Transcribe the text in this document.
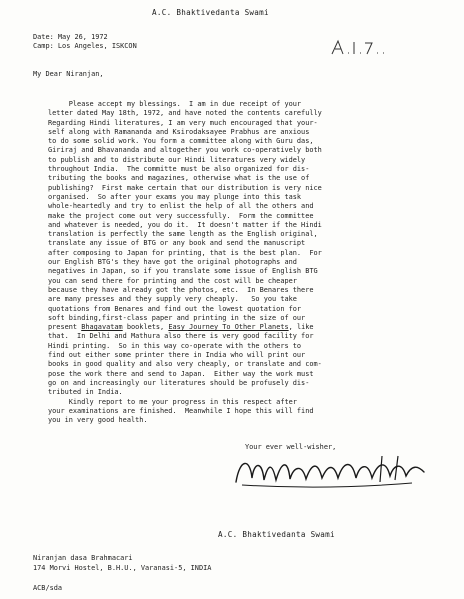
A.C. Bhaktivedanta Swami
Date: May 26, 1972
Camp: Los Angeles, ISKCON
My Dear Niranjan,
Please accept my blessings.  I am in due receipt of your
letter dated May 18th, 1972, and have noted the contents carefully
Regarding Hindi literatures, I am very much encouraged that your-
self along with Ramananda and Ksirodaksayee Prabhus are anxious
to do some solid work. You form a committee along with Guru das,
Giriraj and Bhavananda and altogether you work co-operatively both
to publish and to distribute our Hindi literatures very widely
throughout India.  The committe must be also organized for dis-
tributing the books and magazines, otherwise what is the use of
publishing?  First make certain that our distribution is very nice
organised.  So after your exams you may plunge into this task
whole-heartedly and try to enlist the help of all the others and
make the project come out very successfully.  Form the committee
and whatever is needed, you do it.  It doesn't matter if the Hindi
translation is perfectly the same length as the English original,
translate any issue of BTG or any book and send the manuscript
after composing to Japan for printing, that is the best plan.  For
our English BTG's they have got the original photographs and
negatives in Japan, so if you translate some issue of English BTG
you can send there for printing and the cost will be cheaper
because they have already got the photos, etc.  In Benares there
are many presses and they supply very cheaply.   So you take
quotations from Benares and find out the lowest quotation for
soft binding,first-class paper and printing in the size of our
present Bhagavatam booklets, Easy Journey To Other Planets, like
that.  In Delhi and Mathura also there is very good facility for
Hindi printing.  So in this way co-operate with the others to
find out either some printer there in India who will print our
books in good quality and also very cheaply, or translate and com-
pose the work there and send to Japan.  Either way the work must
go on and increasingly our literatures should be profusely dis-
tributed in India.
Kindly report to me your progress in this respect after
your examinations are finished.  Meanwhile I hope this will find
you in very good health.
Your ever well-wisher,
A.C. Bhaktivedanta Swami
Niranjan dasa Brahmacari
174 Morvi Hostel, B.H.U., Varanasi-5, INDIA
ACB/sda
